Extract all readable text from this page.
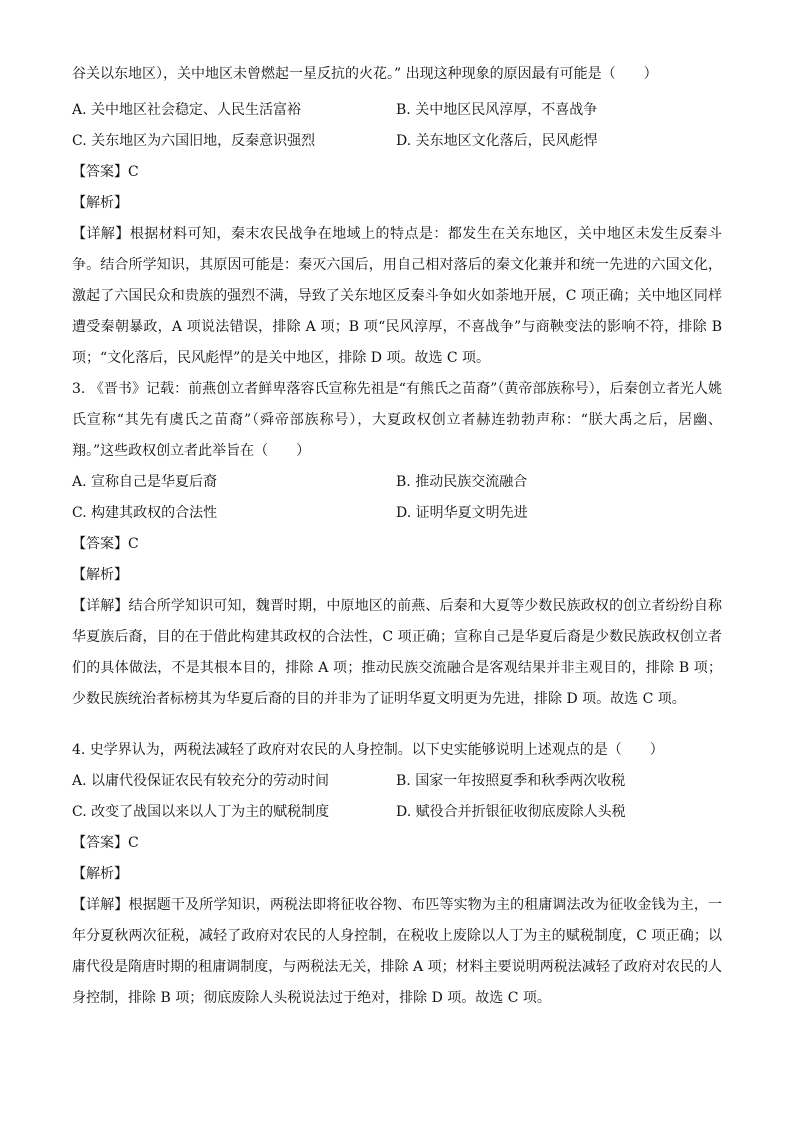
谷关以东地区），关中地区未曾燃起一星反抗的火花。” 出现这种现象的原因最有可能是（　　）

A. 关中地区社会稳定、人民生活富裕	B. 关中地区民风淳厚，不喜战争
C. 关东地区为六国旧地，反秦意识强烈	D. 关东地区文化落后，民风彪悍

【答案】C

【解析】

【详解】根据材料可知，秦末农民战争在地域上的特点是：都发生在关东地区，关中地区未发生反秦斗争。结合所学知识，其原因可能是：秦灭六国后，用自己相对落后的秦文化兼并和统一先进的六国文化，激起了六国民众和贵族的强烈不满，导致了关东地区反秦斗争如火如荼地开展，C 项正确；关中地区同样遭受秦朝暴政，A 项说法错误，排除 A 项；B 项“民风淳厚，不喜战争”与商鞅变法的影响不符，排除 B 项；“文化落后，民风彪悍”的是关中地区，排除 D 项。故选 C 项。

3. 《晋书》记载：前燕创立者鲜卑落容氏宣称先祖是“有熊氏之苗裔”（黄帝部族称号），后秦创立者光人姚氏宣称“其先有虞氏之苗裔”（舜帝部族称号），大夏政权创立者赫连勃勃声称：“朕大禹之后，居幽、翔。”这些政权创立者此举旨在（　　）

A. 宣称自己是华夏后裔	B. 推动民族交流融合
C. 构建其政权的合法性	D. 证明华夏文明先进

【答案】C

【解析】

【详解】结合所学知识可知，魏晋时期，中原地区的前燕、后秦和大夏等少数民族政权的创立者纷纷自称华夏族后裔，目的在于借此构建其政权的合法性，C 项正确；宣称自己是华夏后裔是少数民族政权创立者们的具体做法，不是其根本目的，排除 A 项；推动民族交流融合是客观结果并非主观目的，排除 B 项；少数民族统治者标榜其为华夏后裔的目的并非为了证明华夏文明更为先进，排除 D 项。故选 C 项。

4. 史学界认为，两税法减轻了政府对农民的人身控制。以下史实能够说明上述观点的是（　　）

A. 以庸代役保证农民有较充分的劳动时间	B. 国家一年按照夏季和秋季两次收税
C. 改变了战国以来以人丁为主的赋税制度	D. 赋役合并折银征收彻底废除人头税

【答案】C

【解析】

【详解】根据题干及所学知识，两税法即将征收谷物、布匹等实物为主的租庸调法改为征收金钱为主，一年分夏秋两次征税，减轻了政府对农民的人身控制，在税收上废除以人丁为主的赋税制度，C 项正确；以庸代役是隋唐时期的租庸调制度，与两税法无关，排除 A 项；材料主要说明两税法减轻了政府对农民的人身控制，排除 B 项；彻底废除人头税说法过于绝对，排除 D 项。故选 C 项。
